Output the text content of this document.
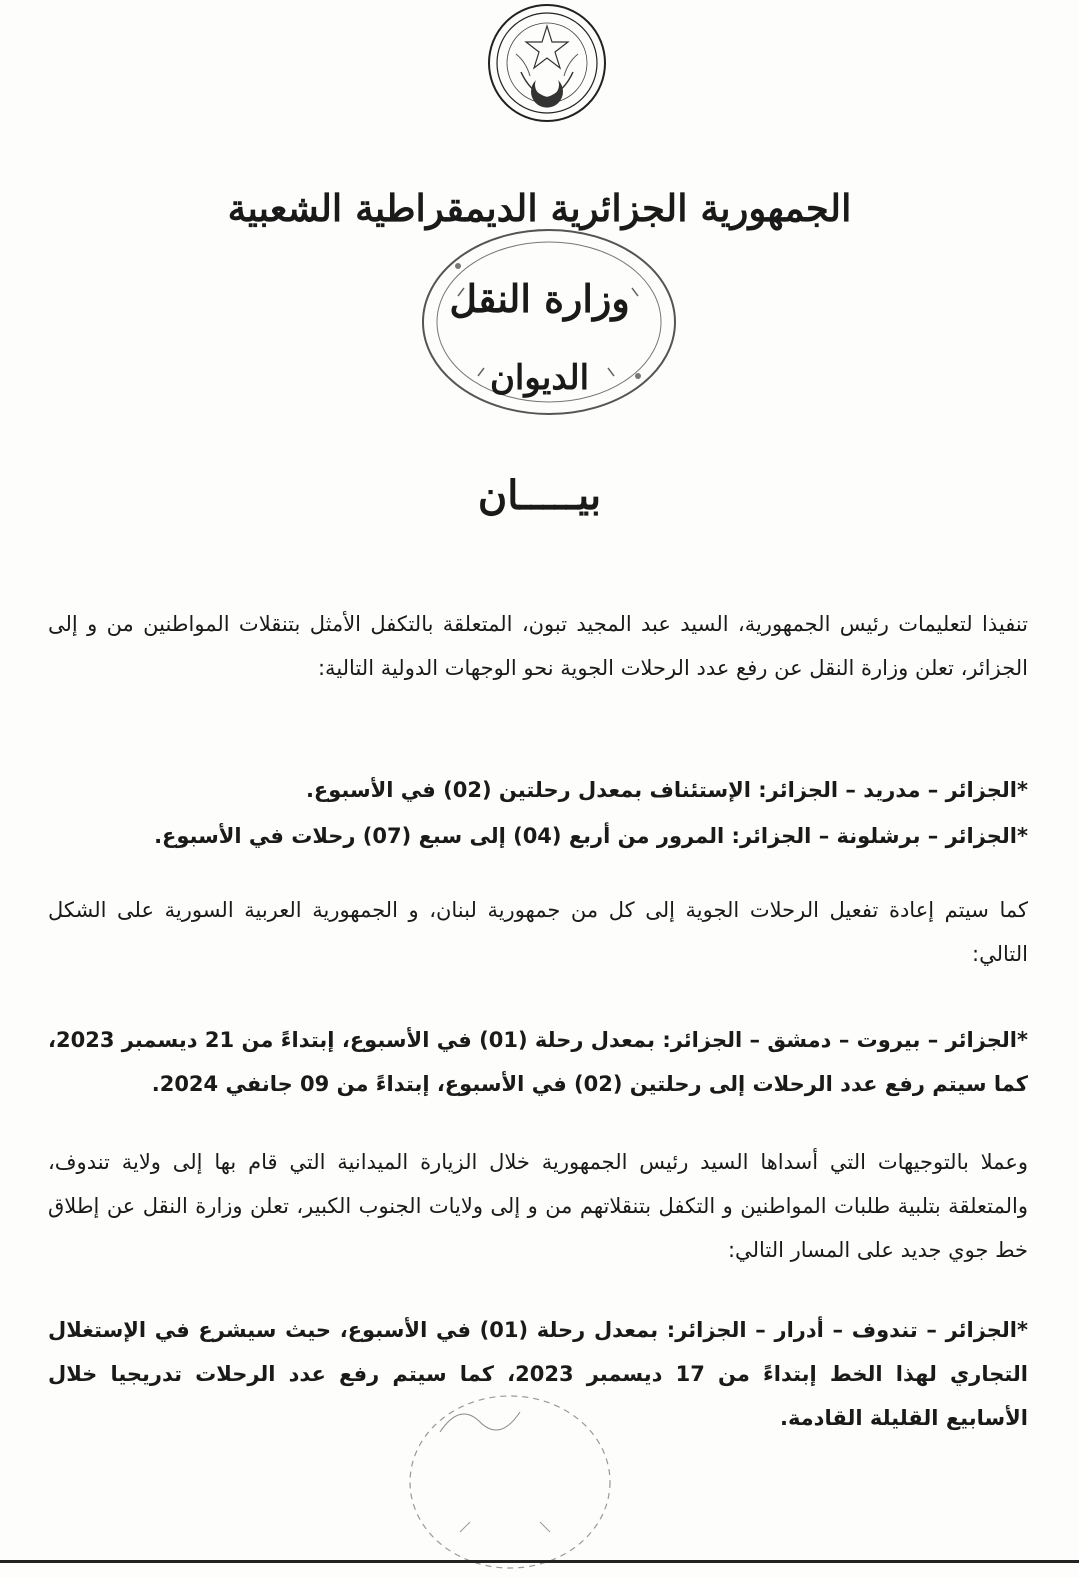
الجمهورية الجزائرية الديمقراطية الشعبية
وزارة النقل
الديوان
بيـــــان
تنفيذا لتعليمات رئيس الجمهورية، السيد عبد المجيد تبون، المتعلقة بالتكفل الأمثل بتنقلات المواطنين من و إلى الجزائر، تعلن وزارة النقل عن رفع عدد الرحلات الجوية نحو الوجهات الدولية التالية:
*الجزائر – مدريد – الجزائر: الإستئناف بمعدل رحلتين (02) في الأسبوع.
*الجزائر – برشلونة – الجزائر: المرور من أربع (04) إلى سبع (07) رحلات في الأسبوع.
كما سيتم إعادة تفعيل الرحلات الجوية إلى كل من جمهورية لبنان، و الجمهورية العربية السورية على الشكل التالي:
*الجزائر – بيروت – دمشق – الجزائر: بمعدل رحلة (01) في الأسبوع، إبتداءً من 21 ديسمبر 2023، كما سيتم رفع عدد الرحلات إلى رحلتين (02) في الأسبوع، إبتداءً من 09 جانفي 2024.
وعملا بالتوجيهات التي أسداها السيد رئيس الجمهورية خلال الزيارة الميدانية التي قام بها إلى ولاية تندوف، والمتعلقة بتلبية طلبات المواطنين و التكفل بتنقلاتهم من و إلى ولايات الجنوب الكبير، تعلن وزارة النقل عن إطلاق خط جوي جديد على المسار التالي:
*الجزائر – تندوف – أدرار – الجزائر: بمعدل رحلة (01) في الأسبوع، حيث سيشرع في الإستغلال التجاري لهذا الخط إبتداءً من 17 ديسمبر 2023، كما سيتم رفع عدد الرحلات تدريجيا خلال الأسابيع القليلة القادمة.
